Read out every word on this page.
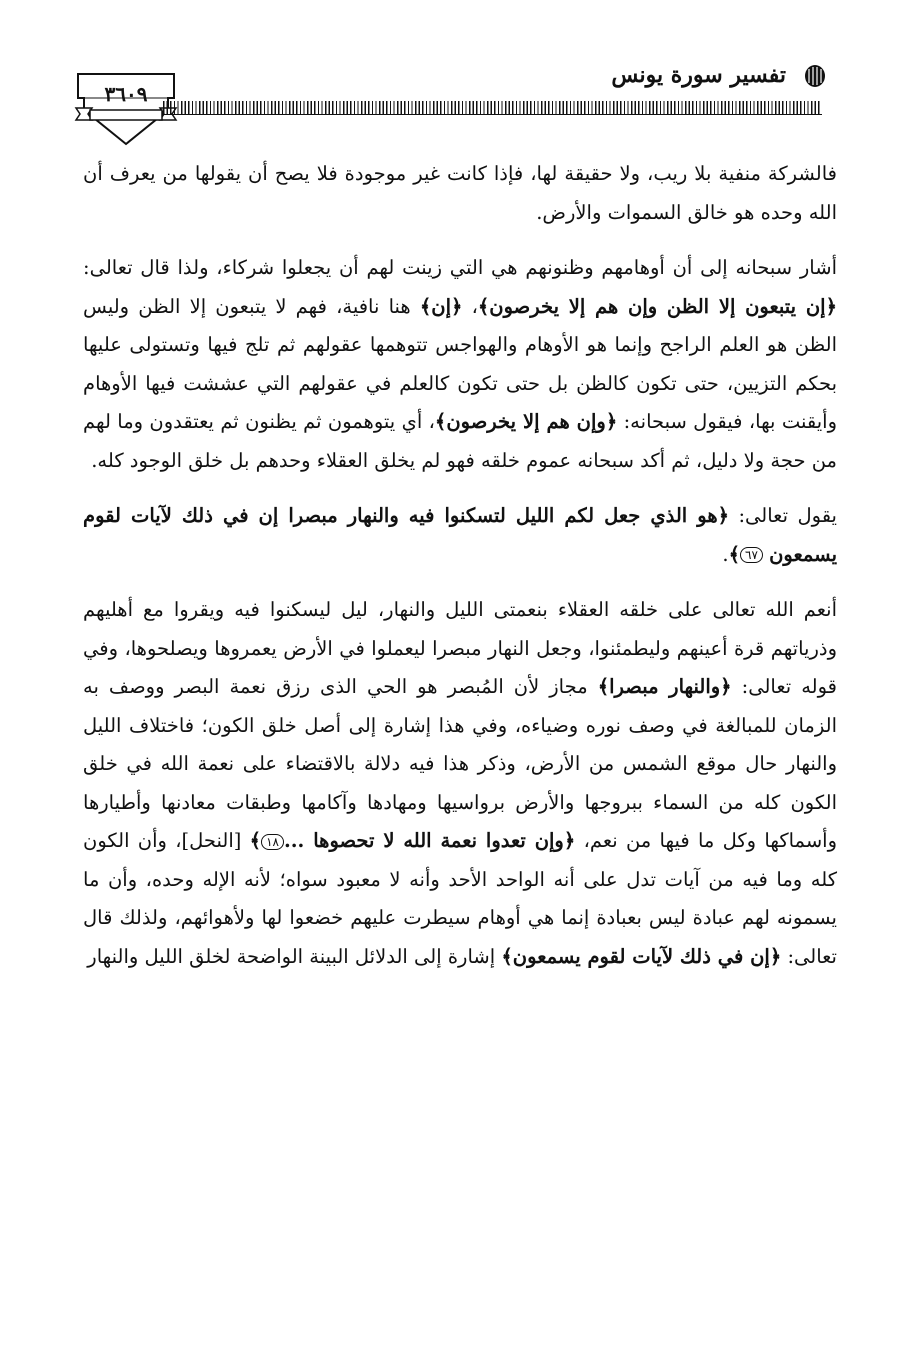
٣٦٠٩
تفسير سورة يونس

فالشركة منفية بلا ريب، ولا حقيقة لها، فإذا كانت غير موجودة فلا يصح أن يقولها من يعرف أن الله وحده هو خالق السموات والأرض.

أشار سبحانه إلى أن أوهامهم وظنونهم هي التي زينت لهم أن يجعلوا شركاء، ولذا قال تعالى: ﴿إن يتبعون إلا الظن وإن هم إلا يخرصون﴾، ﴿إن﴾ هنا نافية، فهم لا يتبعون إلا الظن وليس الظن هو العلم الراجح وإنما هو الأوهام والهواجس تتوهمها عقولهم ثم تلج فيها وتستولى عليها بحكم التزيين، حتى تكون كالظن بل حتى تكون كالعلم في عقولهم التي عششت فيها الأوهام وأيقنت بها، فيقول سبحانه: ﴿وإن هم إلا يخرصون﴾، أي يتوهمون ثم يظنون ثم يعتقدون وما لهم من حجة ولا دليل، ثم أكد سبحانه عموم خلقه فهو لم يخلق العقلاء وحدهم بل خلق الوجود كله.

يقول تعالى: ﴿هو الذي جعل لكم الليل لتسكنوا فيه والنهار مبصرا إن في ذلك لآيات لقوم يسمعون ٦٧﴾.

أنعم الله تعالى على خلقه العقلاء بنعمتى الليل والنهار، ليل ليسكنوا فيه ويقروا مع أهليهم وذرياتهم قرة أعينهم وليطمئنوا، وجعل النهار مبصرا ليعملوا في الأرض يعمروها ويصلحوها، وفي قوله تعالى: ﴿والنهار مبصرا﴾ مجاز لأن المُبصر هو الحي الذى رزق نعمة البصر ووصف به الزمان للمبالغة في وصف نوره وضياءه، وفي هذا إشارة إلى أصل خلق الكون؛ فاختلاف الليل والنهار حال موقع الشمس من الأرض، وذكر هذا فيه دلالة بالاقتضاء على نعمة الله في خلق الكون كله من السماء ببروجها والأرض برواسيها ومهادها وآكامها وطبقات معادنها وأطيارها وأسماكها وكل ما فيها من نعم، ﴿وإن تعدوا نعمة الله لا تحصوها ...١٨﴾ [النحل]، وأن الكون كله وما فيه من آيات تدل على أنه الواحد الأحد وأنه لا معبود سواه؛ لأنه الإله وحده، وأن ما يسمونه لهم عبادة ليس بعبادة إنما هي أوهام سيطرت عليهم خضعوا لها ولأهوائهم، ولذلك قال تعالى: ﴿إن في ذلك لآيات لقوم يسمعون﴾ إشارة إلى الدلائل البينة الواضحة لخلق الليل والنهار
